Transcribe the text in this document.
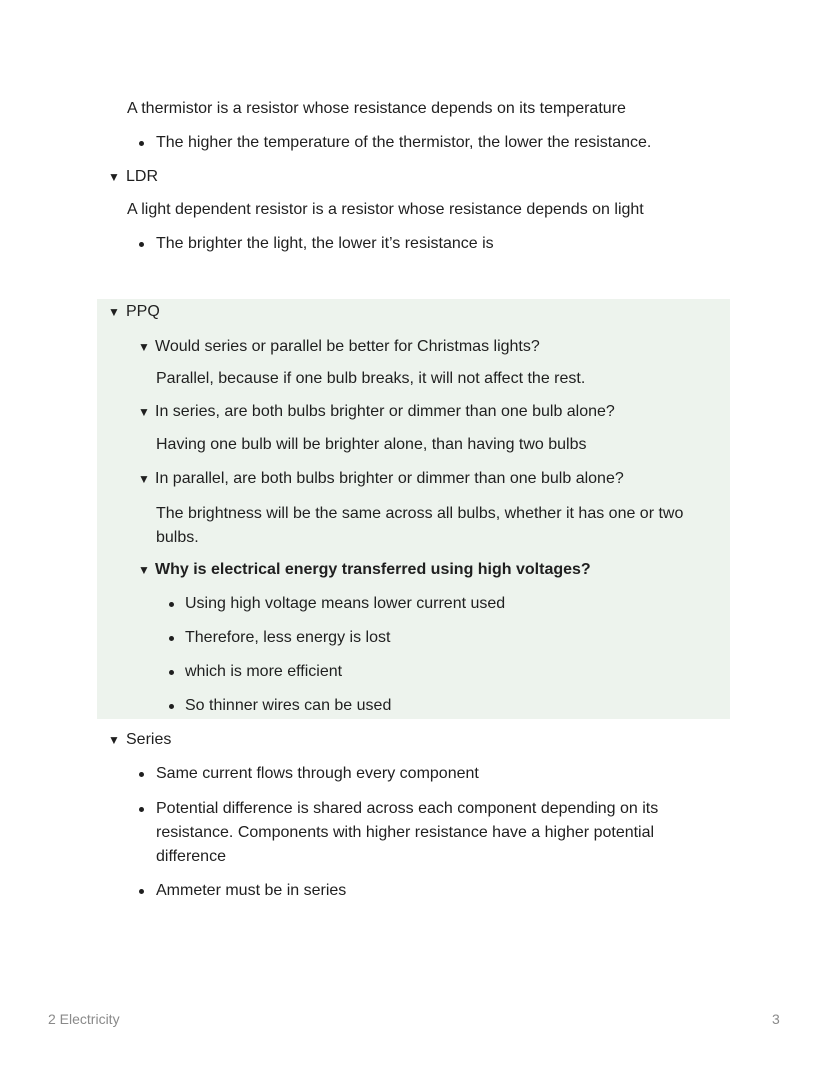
A thermistor is a resistor whose resistance depends on its temperature
The higher the temperature of the thermistor, the lower the resistance.
▼ LDR
A light dependent resistor is a resistor whose resistance depends on light
The brighter the light, the lower it’s resistance is
▼ PPQ
▼ Would series or parallel be better for Christmas lights?
Parallel, because if one bulb breaks, it will not affect the rest.
▼ In series, are both bulbs brighter or dimmer than one bulb alone?
Having one bulb will be brighter alone, than having two bulbs
▼ In parallel, are both bulbs brighter or dimmer than one bulb alone?
The brightness will be the same across all bulbs, whether it has one or two bulbs.
▼ Why is electrical energy transferred using high voltages?
Using high voltage means lower current used
Therefore, less energy is lost
which is more efficient
So thinner wires can be used
▼ Series
Same current flows through every component
Potential difference is shared across each component depending on its resistance. Components with higher resistance have a higher potential difference
Ammeter must be in series
2 Electricity	3
